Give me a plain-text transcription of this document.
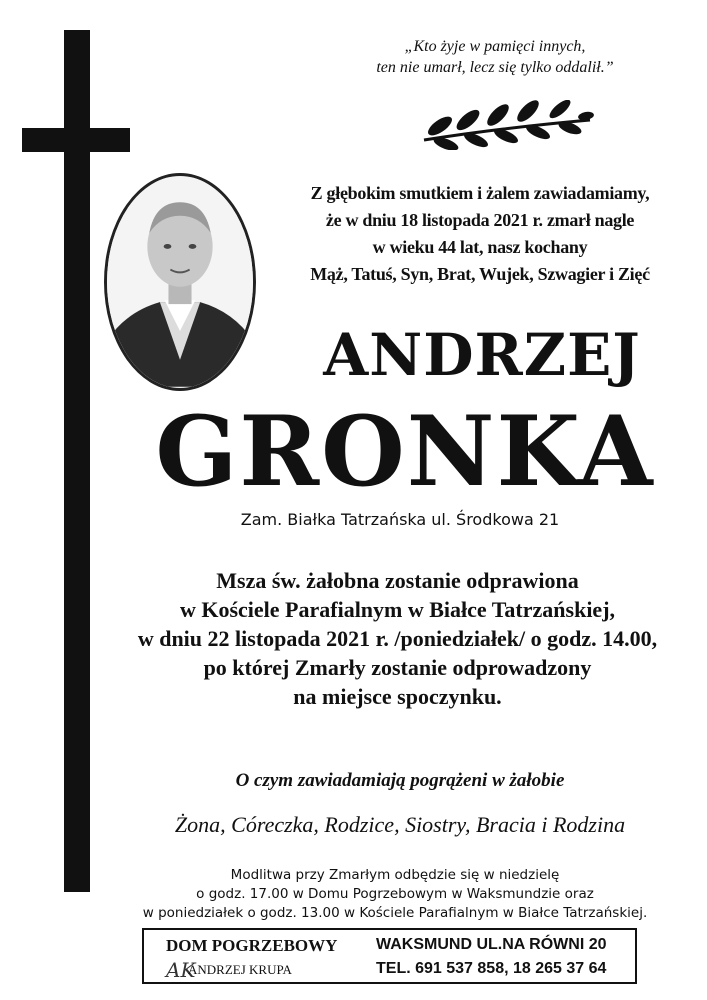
„Kto żyje w pamięci innych,
ten nie umarł, lecz się tylko oddalił.”
Z głębokim smutkiem i żalem zawiadamiamy,
że w dniu 18 listopada 2021 r. zmarł nagle
w wieku 44 lat, nasz kochany
Mąż, Tatuś, Syn, Brat, Wujek, Szwagier i Zięć
ANDRZEJ
GRONKA
Zam. Białka Tatrzańska ul. Środkowa 21
Msza św. żałobna zostanie odprawiona
w Kościele Parafialnym w Białce Tatrzańskiej,
w dniu 22 listopada 2021 r. /poniedziałek/ o godz. 14.00,
po której Zmarły zostanie odprowadzony
na miejsce spoczynku.
O czym zawiadamiają pogrążeni w żałobie
Żona, Córeczka, Rodzice, Siostry, Bracia i Rodzina
Modlitwa przy Zmarłym odbędzie się w niedzielę
o godz. 17.00 w Domu Pogrzebowym w Waksmundzie oraz
w poniedziałek o godz. 13.00 w Kościele Parafialnym w Białce Tatrzańskiej.
DOM POGRZEBOWY
AK
ANDRZEJ KRUPA
WAKSMUND UL.NA RÓWNI 20
TEL. 691 537 858, 18 265 37 64
